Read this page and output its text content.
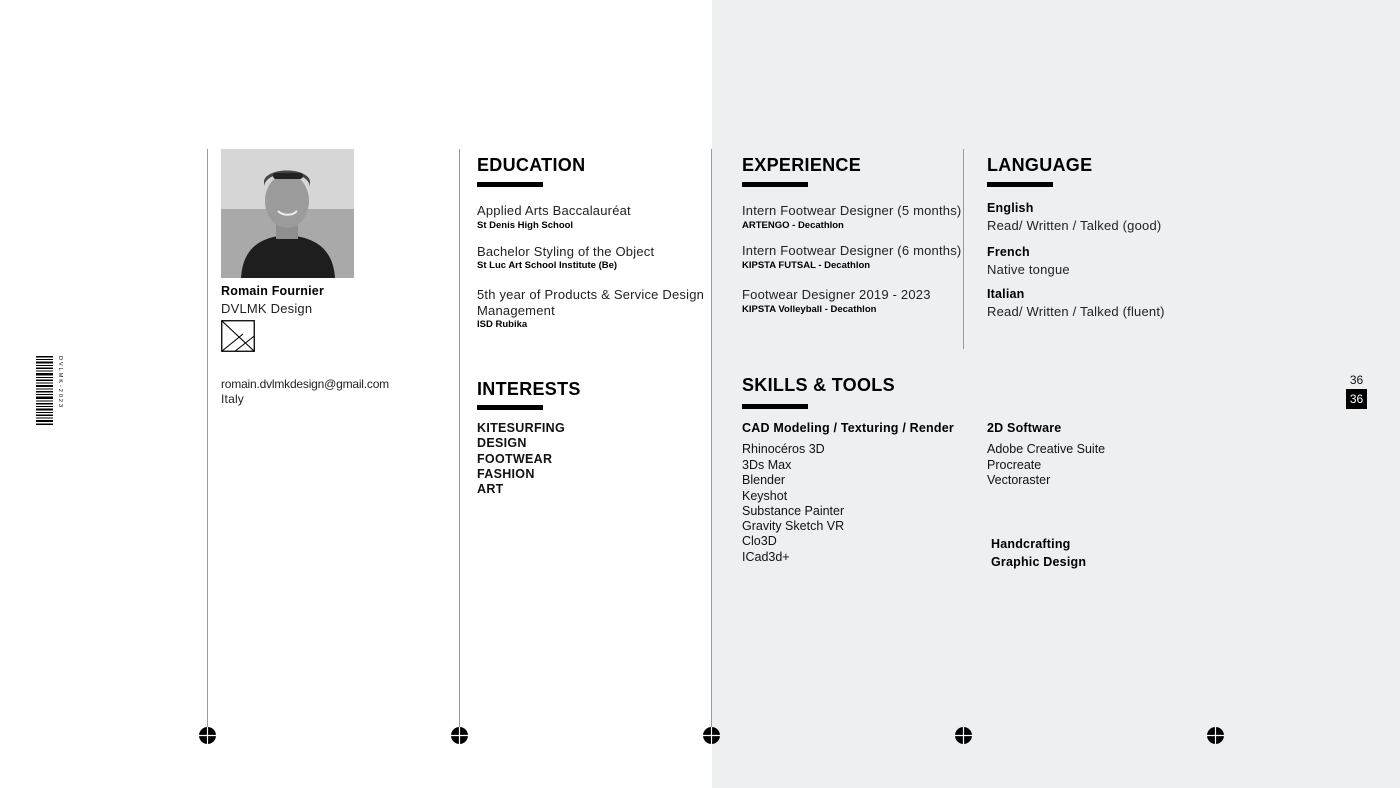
DVLMK-2023
Romain Fournier
DVLMK Design
romain.dvlmkdesign@gmail.com
Italy
EDUCATION
Applied Arts Baccalauréat
St Denis High School
Bachelor Styling of the Object
St Luc Art School Institute (Be)
5th year of Products & Service Design
Management
ISD Rubika
INTERESTS
KITESURFING
DESIGN
FOOTWEAR
FASHION
ART
EXPERIENCE
Intern Footwear Designer (5 months)
ARTENGO - Decathlon
Intern Footwear Designer (6 months)
KIPSTA FUTSAL - Decathlon
Footwear Designer 2019 - 2023
KIPSTA Volleyball - Decathlon
LANGUAGE
English
Read/ Written / Talked (good)
French
Native tongue
Italian
Read/ Written / Talked (fluent)
SKILLS & TOOLS
CAD Modeling / Texturing / Render
Rhinocéros 3D
3Ds Max
Blender
Keyshot
Substance Painter
Gravity Sketch VR
Clo3D
ICad3d+
2D Software
Adobe Creative Suite
Procreate
Vectoraster
Handcrafting
Graphic Design
36
36
